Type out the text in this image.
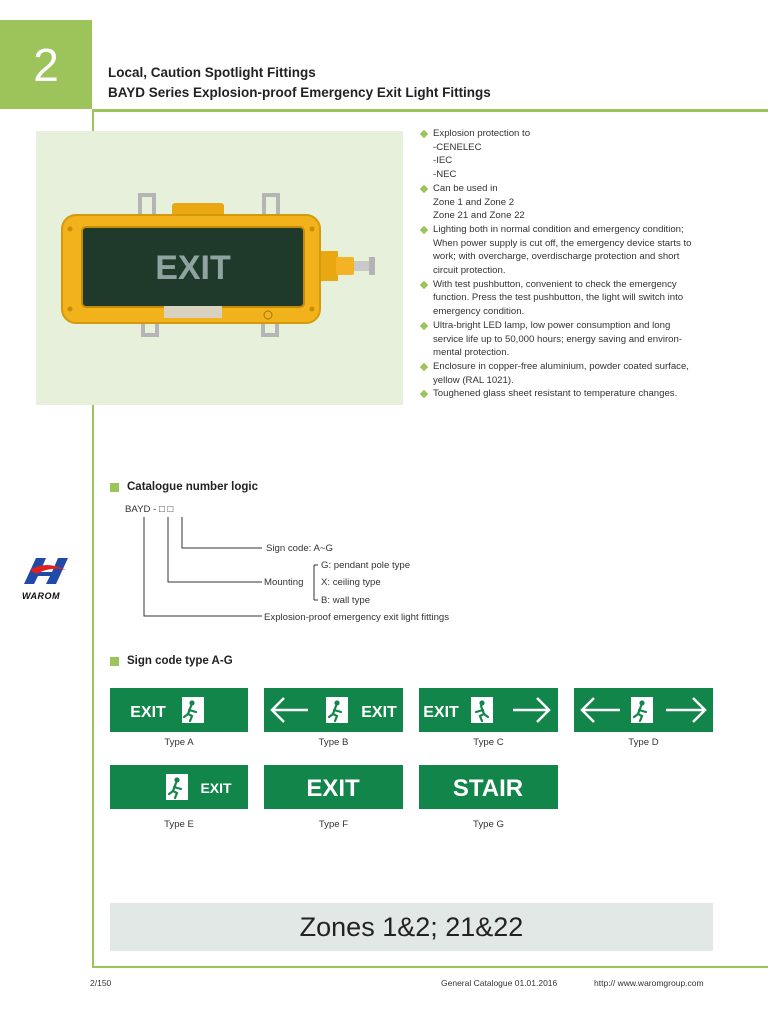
2	Local, Caution Spotlight Fittings
BAYD Series Explosion-proof Emergency Exit Light Fittings
EXIT
Explosion protection to
-CENELEC
-IEC
-NEC
Can be used in
Zone 1 and Zone 2
Zone 21 and Zone 22
Lighting both in normal condition and emergency condition;
When power supply is cut off, the emergency device starts to
work; with overcharge, overdischarge protection and short
circuit protection.
With test pushbutton, convenient to check the emergency
function. Press the test pushbutton, the light will switch into
emergency condition.
Ultra-bright LED lamp, low power consumption and long
service life up to 50,000 hours; energy saving and environ-
mental protection.
Enclosure in copper-free aluminium, powder coated surface,
yellow (RAL 1021).
Toughened glass sheet resistant to temperature changes.
WAROM
Catalogue number logic
BAYD - □ □
Sign code: A~G
Mounting
G: pendant pole type
X: ceiling type
B: wall type
Explosion-proof emergency exit light fittings
Sign code type A-G
EXIT
Type A
EXIT
Type B
EXIT
Type C	Type D
EXIT
Type E
EXIT
Type F
STAIR
Type G
Zones 1&2; 21&22
2/150	General Catalogue 01.01.2016	http:// www.waromgroup.com
